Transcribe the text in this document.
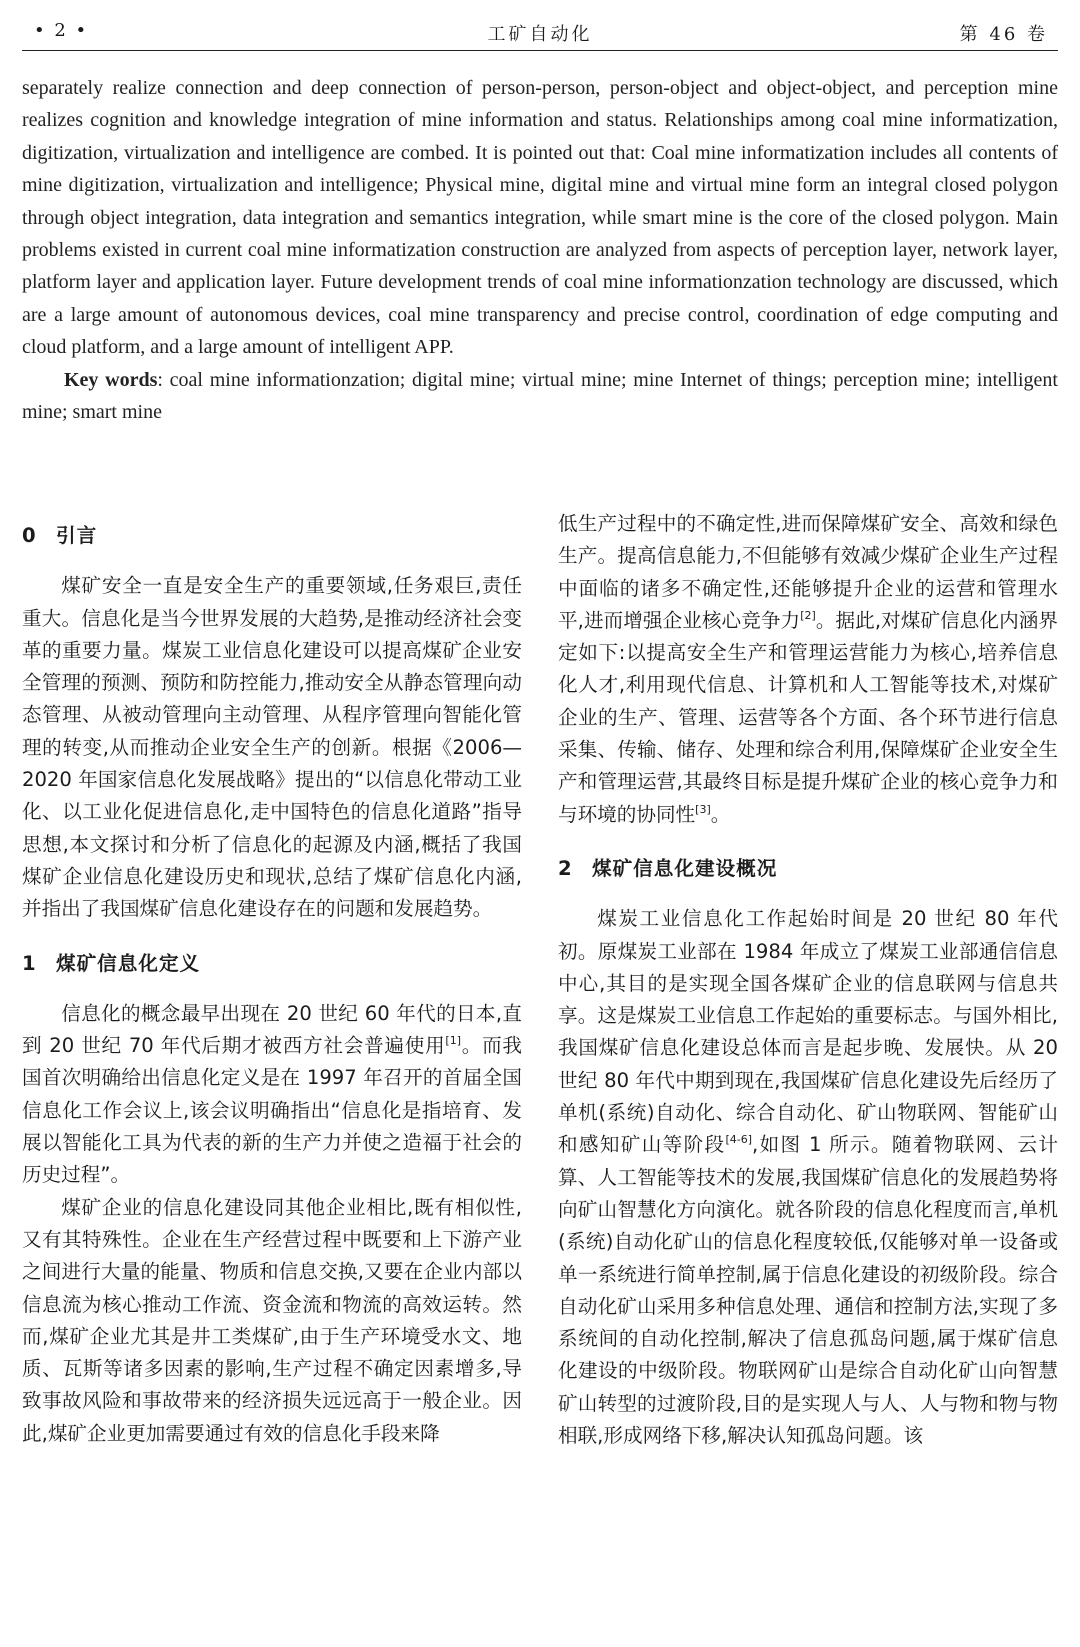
• 2 •	工矿自动化	第 46 卷

separately realize connection and deep connection of person-person, person-object and object-object, and perception mine realizes cognition and knowledge integration of mine information and status. Relationships among coal mine informatization, digitization, virtualization and intelligence are combed. It is pointed out that: Coal mine informatization includes all contents of mine digitization, virtualization and intelligence; Physical mine, digital mine and virtual mine form an integral closed polygon through object integration, data integration and semantics integration, while smart mine is the core of the closed polygon. Main problems existed in current coal mine informatization construction are analyzed from aspects of perception layer, network layer, platform layer and application layer. Future development trends of coal mine informationzation technology are discussed, which are a large amount of autonomous devices, coal mine transparency and precise control, coordination of edge computing and cloud platform, and a large amount of intelligent APP.

Key words: coal mine informationzation; digital mine; virtual mine; mine Internet of things; perception mine; intelligent mine; smart mine

0 引言

煤矿安全一直是安全生产的重要领域,任务艰巨,责任重大。信息化是当今世界发展的大趋势,是推动经济社会变革的重要力量。煤炭工业信息化建设可以提高煤矿企业安全管理的预测、预防和防控能力,推动安全从静态管理向动态管理、从被动管理向主动管理、从程序管理向智能化管理的转变,从而推动企业安全生产的创新。根据《2006—2020 年国家信息化发展战略》提出的“以信息化带动工业化、以工业化促进信息化,走中国特色的信息化道路”指导思想,本文探讨和分析了信息化的起源及内涵,概括了我国煤矿企业信息化建设历史和现状,总结了煤矿信息化内涵,并指出了我国煤矿信息化建设存在的问题和发展趋势。

1 煤矿信息化定义

信息化的概念最早出现在 20 世纪 60 年代的日本,直到 20 世纪 70 年代后期才被西方社会普遍使用[1]。而我国首次明确给出信息化定义是在 1997 年召开的首届全国信息化工作会议上,该会议明确指出“信息化是指培育、发展以智能化工具为代表的新的生产力并使之造福于社会的历史过程”。

煤矿企业的信息化建设同其他企业相比,既有相似性,又有其特殊性。企业在生产经营过程中既要和上下游产业之间进行大量的能量、物质和信息交换,又要在企业内部以信息流为核心推动工作流、资金流和物流的高效运转。然而,煤矿企业尤其是井工类煤矿,由于生产环境受水文、地质、瓦斯等诸多因素的影响,生产过程不确定因素增多,导致事故风险和事故带来的经济损失远远高于一般企业。因此,煤矿企业更加需要通过有效的信息化手段来降

低生产过程中的不确定性,进而保障煤矿安全、高效和绿色生产。提高信息能力,不但能够有效减少煤矿企业生产过程中面临的诸多不确定性,还能够提升企业的运营和管理水平,进而增强企业核心竞争力[2]。据此,对煤矿信息化内涵界定如下:以提高安全生产和管理运营能力为核心,培养信息化人才,利用现代信息、计算机和人工智能等技术,对煤矿企业的生产、管理、运营等各个方面、各个环节进行信息采集、传输、储存、处理和综合利用,保障煤矿企业安全生产和管理运营,其最终目标是提升煤矿企业的核心竞争力和与环境的协同性[3]。

2 煤矿信息化建设概况

煤炭工业信息化工作起始时间是 20 世纪 80 年代初。原煤炭工业部在 1984 年成立了煤炭工业部通信信息中心,其目的是实现全国各煤矿企业的信息联网与信息共享。这是煤炭工业信息工作起始的重要标志。与国外相比,我国煤矿信息化建设总体而言是起步晚、发展快。从 20 世纪 80 年代中期到现在,我国煤矿信息化建设先后经历了单机(系统)自动化、综合自动化、矿山物联网、智能矿山和感知矿山等阶段[4-6],如图 1 所示。随着物联网、云计算、人工智能等技术的发展,我国煤矿信息化的发展趋势将向矿山智慧化方向演化。就各阶段的信息化程度而言,单机(系统)自动化矿山的信息化程度较低,仅能够对单一设备或单一系统进行简单控制,属于信息化建设的初级阶段。综合自动化矿山采用多种信息处理、通信和控制方法,实现了多系统间的自动化控制,解决了信息孤岛问题,属于煤矿信息化建设的中级阶段。物联网矿山是综合自动化矿山向智慧矿山转型的过渡阶段,目的是实现人与人、人与物和物与物相联,形成网络下移,解决认知孤岛问题。该
